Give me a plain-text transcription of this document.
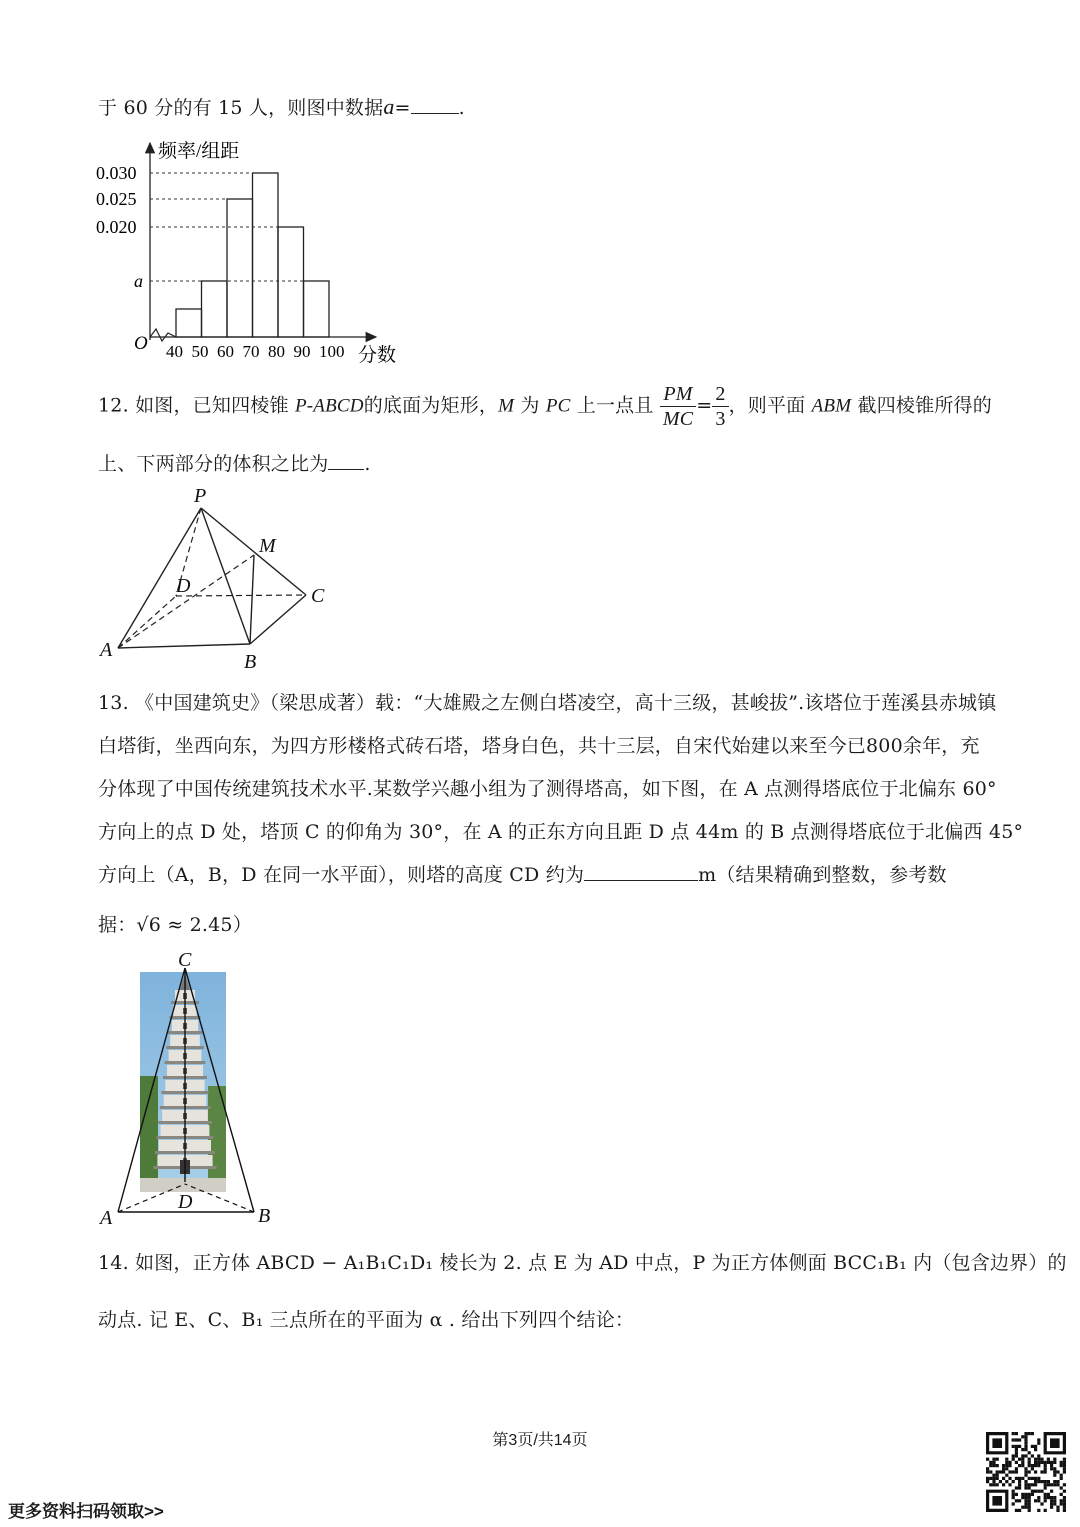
于 60 分的有 15 人，则图中数据a=	.
0.030
0.025
0.020
a
40 50 60 70 80 90 100
频率/组距
分数
O
12. 如图，已知四棱锥 P-ABCD的底面为矩形，M 为 PC 上一点且 $\frac{PM}{MC} = \frac{2}{3}$ ，则平面 ABM 截四棱锥所得的
上、下两部分的体积之比为 .
P
M
D	C
A
B
13. 《中国建筑史》（梁思成著）载：“大雄殿之左侧白塔凌空，高十三级，甚峻拔”.该塔位于莲溪县赤城镇
白塔街，坐西向东，为四方形楼格式砖石塔，塔身白色，共十三层，自宋代始建以来至今已800余年，充
分体现了中国传统建筑技术水平.某数学兴趣小组为了测得塔高，如下图，在 A 点测得塔底位于北偏东 60°
方向上的点 D 处，塔顶 C 的仰角为 30°，在 A 的正东方向且距 D 点 44m 的 B 点测得塔底位于北偏西 45°
方向上（A，B，D 在同一水平面），则塔的高度 CD 约为	m（结果精确到整数，参考数
据：√6 ≈ 2.45）
C
D
A	B
14. 如图，正方体 ABCD − A₁B₁C₁D₁ 棱长为 2. 点 E 为 AD 中点，P 为正方体侧面 BCC₁B₁ 内（包含边界）的
动点. 记 E、C、B₁ 三点所在的平面为 α . 给出下列四个结论：
第3页/共14页
更多资料扫码领取>>
